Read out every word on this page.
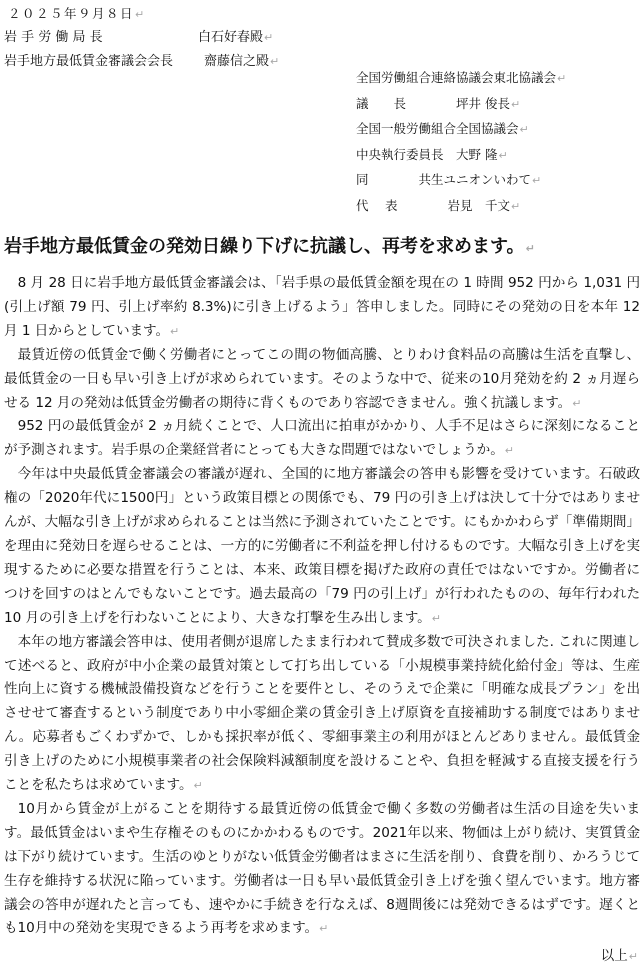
２０２５年９月８日↵
岩 手 労 働 局 長	白石好春殿↵
岩手地方最低賃金審議会会長 齋藤信之殿↵
全国労働組合連絡協議会東北協議会↵
議　　長　　　　坪井 俊長↵
全国一般労働組合全国協議会↵
中央執行委員長　大野 隆↵
同　　　　共生ユニオンいわて↵
代　 表　　　　岩見　千文↵
岩手地方最低賃金の発効日繰り下げに抗議し、再考を求めます。↵

8 月 28 日に岩手地方最低賃金審議会は、「岩手県の最低賃金額を現在の 1 時間 952 円から 1,031 円(引上げ額 79 円、引上げ率約 8.3%)に引き上げるよう」答申しました。同時にその発効の日を本年 12 月 1 日からとしています。↵

最賃近傍の低賃金で働く労働者にとってこの間の物価高騰、とりわけ食料品の高騰は生活を直撃し、最低賃金の一日も早い引き上げが求められています。そのような中で、従来の10月発効を約 2 ヵ月遅らせる 12 月の発効は低賃金労働者の期待に背くものであり容認できません。強く抗議します。↵

952 円の最低賃金が 2 ヵ月続くことで、人口流出に拍車がかかり、人手不足はさらに深刻になることが予測されます。岩手県の企業経営者にとっても大きな問題ではないでしょうか。↵

今年は中央最低賃金審議会の審議が遅れ、全国的に地方審議会の答申も影響を受けています。石破政権の「2020年代に1500円」という政策目標との関係でも、79 円の引き上げは決して十分ではありませんが、大幅な引き上げが求められることは当然に予測されていたことです。にもかかわらず「準備期間」を理由に発効日を遅らせることは、一方的に労働者に不利益を押し付けるものです。大幅な引き上げを実現するために必要な措置を行うことは、本来、政策目標を掲げた政府の責任ではないですか。労働者につけを回すのはとんでもないことです。過去最高の「79 円の引上げ」が行われたものの、毎年行われた 10 月の引き上げを行わないことにより、大きな打撃を生み出します。↵

本年の地方審議会答申は、使用者側が退席したまま行われて賛成多数で可決されました. これに関連して述べると、政府が中小企業の最賃対策として打ち出している「小規模事業持続化給付金」等は、生産性向上に資する機械設備投資などを行うことを要件とし、そのうえで企業に「明確な成長プラン」を出させせて審査するという制度であり中小零細企業の賃金引き上げ原資を直接補助する制度ではありません。応募者もごくわずかで、しかも採択率が低く、零細事業主の利用がほとんどありません。最低賃金引き上げのために小規模事業者の社会保険料減額制度を設けることや、負担を軽減する直接支援を行うことを私たちは求めています。↵

10月から賃金が上がることを期待する最賃近傍の低賃金で働く多数の労働者は生活の目途を失います。最低賃金はいまや生存権そのものにかかわるものです。2021年以来、物価は上がり続け、実質賃金は下がり続けています。生活のゆとりがない低賃金労働者はまさに生活を削り、食費を削り、かろうじて生存を維持する状況に陥っています。労働者は一日も早い最低賃金引き上げを強く望んでいます。地方審議会の答申が遅れたと言っても、速やかに手続きを行なえば、8週間後には発効できるはずです。遅くとも10月中の発効を実現できるよう再考を求めます。↵

以上↵
